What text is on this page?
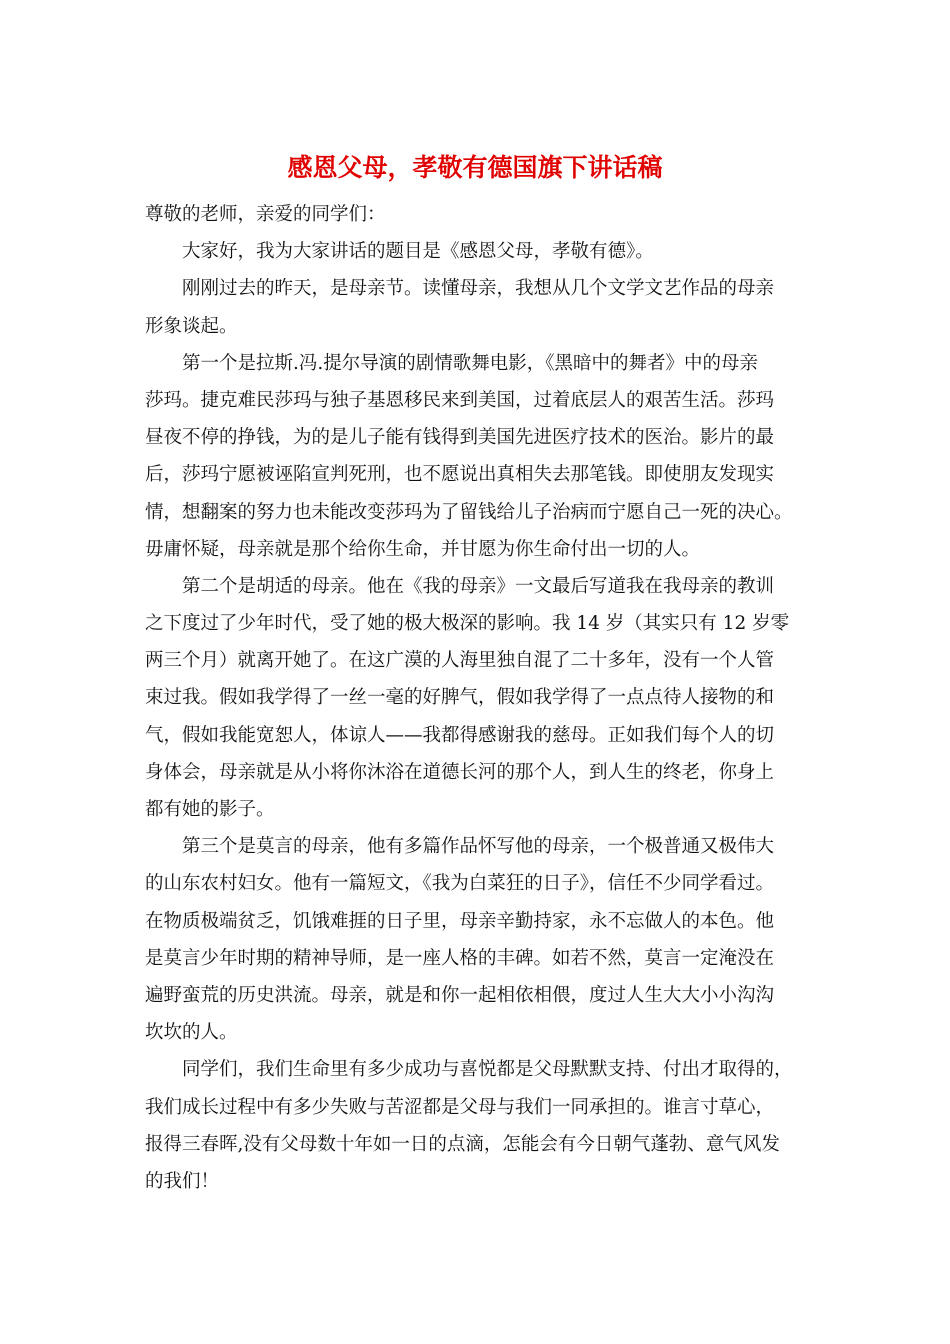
感恩父母，孝敬有德国旗下讲话稿

尊敬的老师，亲爱的同学们：

大家好，我为大家讲话的题目是《感恩父母，孝敬有德》。

刚刚过去的昨天，是母亲节。读懂母亲，我想从几个文学文艺作品的母亲

形象谈起。

第一个是拉斯.冯.提尔导演的剧情歌舞电影，《黑暗中的舞者》中的母亲

莎玛。捷克难民莎玛与独子基恩移民来到美国，过着底层人的艰苦生活。莎玛

昼夜不停的挣钱，为的是儿子能有钱得到美国先进医疗技术的医治。影片的最

后，莎玛宁愿被诬陷宣判死刑，也不愿说出真相失去那笔钱。即使朋友发现实

情，想翻案的努力也未能改变莎玛为了留钱给儿子治病而宁愿自己一死的决心。

毋庸怀疑，母亲就是那个给你生命，并甘愿为你生命付出一切的人。

第二个是胡适的母亲。他在《我的母亲》一文最后写道我在我母亲的教训

之下度过了少年时代，受了她的极大极深的影响。我 14 岁（其实只有 12 岁零

两三个月）就离开她了。在这广漠的人海里独自混了二十多年，没有一个人管

束过我。假如我学得了一丝一毫的好脾气，假如我学得了一点点待人接物的和

气，假如我能宽恕人，体谅人——我都得感谢我的慈母。正如我们每个人的切

身体会，母亲就是从小将你沐浴在道德长河的那个人，到人生的终老，你身上

都有她的影子。

第三个是莫言的母亲，他有多篇作品怀写他的母亲，一个极普通又极伟大

的山东农村妇女。他有一篇短文，《我为白菜狂的日子》，信任不少同学看过。

在物质极端贫乏，饥饿难捱的日子里，母亲辛勤持家，永不忘做人的本色。他

是莫言少年时期的精神导师，是一座人格的丰碑。如若不然，莫言一定淹没在

遍野蛮荒的历史洪流。母亲，就是和你一起相依相偎，度过人生大大小小沟沟

坎坎的人。

同学们，我们生命里有多少成功与喜悦都是父母默默支持、付出才取得的，

我们成长过程中有多少失败与苦涩都是父母与我们一同承担的。谁言寸草心，

报得三春晖,没有父母数十年如一日的点滴，怎能会有今日朝气蓬勃、意气风发

的我们！
